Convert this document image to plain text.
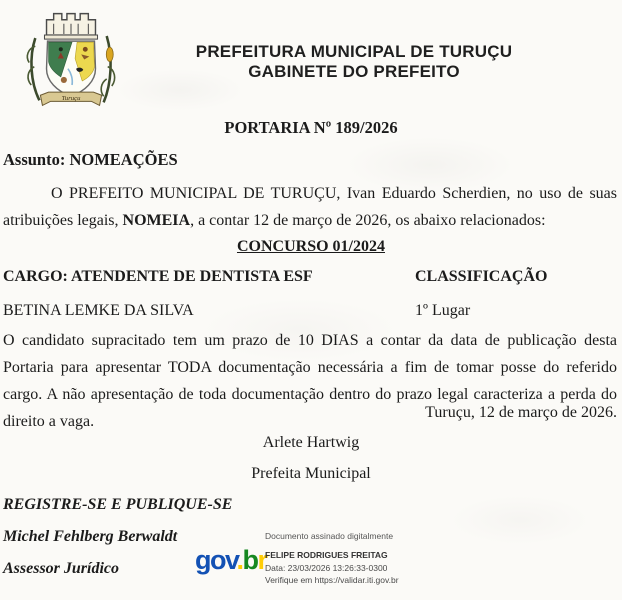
Turuçu
PREFEITURA MUNICIPAL DE TURUÇU
GABINETE DO PREFEITO
PORTARIA Nº 189/2026
Assunto: NOMEAÇÕES

O PREFEITO MUNICIPAL DE TURUÇU, Ivan Eduardo Scherdien, no uso de suas atribuições legais, NOMEIA, a contar 12 de março de 2026, os abaixo relacionados:

CONCURSO 01/2024
CARGO: ATENDENTE DE DENTISTA ESF	CLASSIFICAÇÃO
BETINA LEMKE DA SILVA	1º Lugar

O candidato supracitado tem um prazo de 10 DIAS a contar da data de publicação desta Portaria para apresentar TODA documentação necessária a fim de tomar posse do referido cargo. A não apresentação de toda documentação dentro do prazo legal caracteriza a perda do direito a vaga.

Turuçu, 12 de março de 2026.
Arlete Hartwig
Prefeita Municipal
REGISTRE-SE E PUBLIQUE-SE
Michel Fehlberg Berwaldt
Assessor Jurídico	gov.br
Documento assinado digitalmente
FELIPE RODRIGUES FREITAG
Data: 23/03/2026 13:26:33-0300
Verifique em https://validar.iti.gov.br
